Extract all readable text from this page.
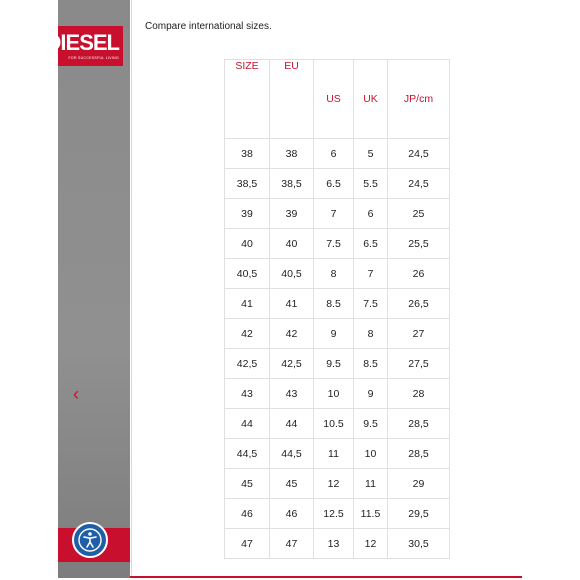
DIESEL
FOR SUCCESSFUL LIVING
‹
Compare international sizes.
SIZE	EU	US	UK	JP/cm
38	38	6	5	24,5
38,5	38,5	6.5	5.5	24,5
39	39	7	6	25
40	40	7.5	6.5	25,5
40,5	40,5	8	7	26
41	41	8.5	7.5	26,5
42	42	9	8	27
42,5	42,5	9.5	8.5	27,5
43	43	10	9	28
44	44	10.5	9.5	28,5
44,5	44,5	11	10	28,5
45	45	12	11	29
46	46	12.5	11.5	29,5
47	47	13	12	30,5
